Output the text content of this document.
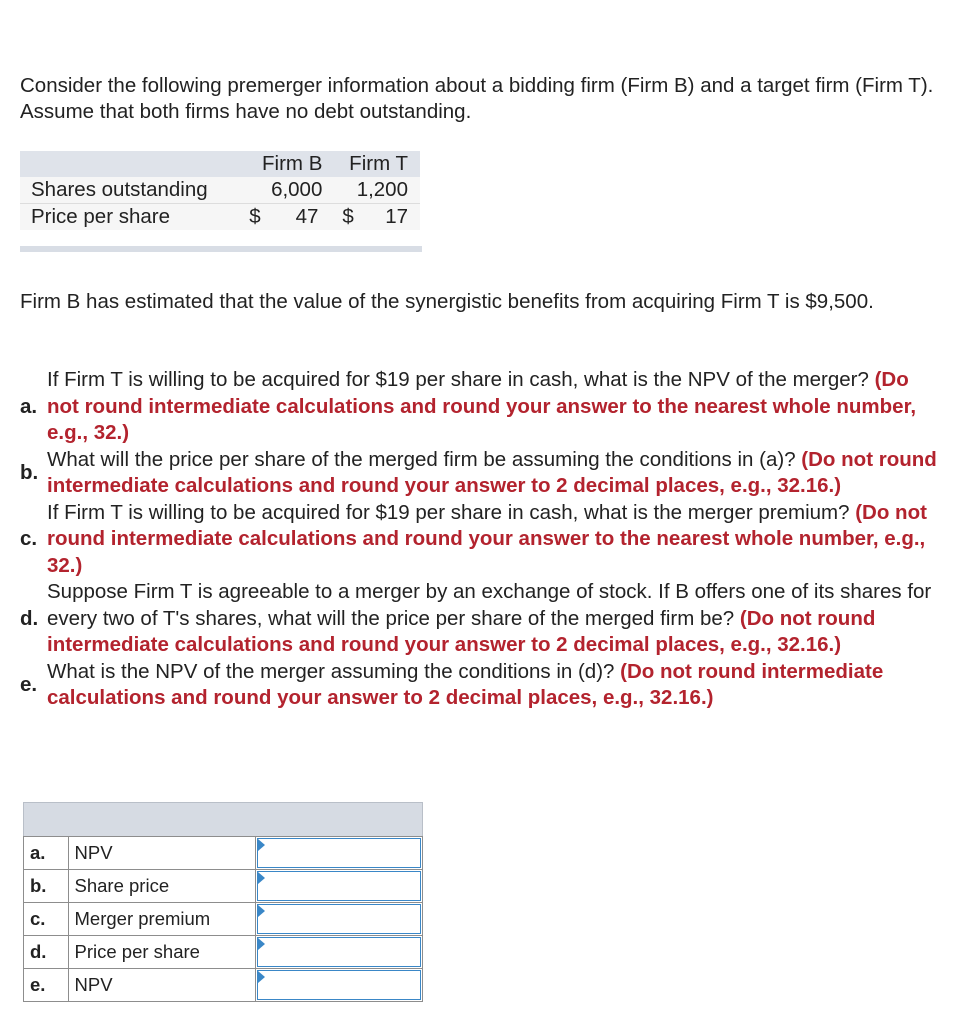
Consider the following premerger information about a bidding firm (Firm B) and a target firm (Firm T). Assume that both firms have no debt outstanding.

	Firm B	Firm T
Shares outstanding	6,000	1,200
Price per share	$ 47	$ 17

Firm B has estimated that the value of the synergistic benefits from acquiring Firm T is $9,500.

a.
If Firm T is willing to be acquired for $19 per share in cash, what is the NPV of the merger? (Do not round intermediate calculations and round your answer to the nearest whole number, e.g., 32.)
b.
What will the price per share of the merged firm be assuming the conditions in (a)? (Do not round intermediate calculations and round your answer to 2 decimal places, e.g., 32.16.)
c.
If Firm T is willing to be acquired for $19 per share in cash, what is the merger premium? (Do not round intermediate calculations and round your answer to the nearest whole number, e.g., 32.)
d.
Suppose Firm T is agreeable to a merger by an exchange of stock. If B offers one of its shares for every two of T's shares, what will the price per share of the merged firm be? (Do not round intermediate calculations and round your answer to 2 decimal places, e.g., 32.16.)
e.
What is the NPV of the merger assuming the conditions in (d)? (Do not round intermediate calculations and round your answer to 2 decimal places, e.g., 32.16.)
a.	NPV	

b.	Share price	

c.	Merger premium	

d.	Price per share	

e.	NPV	
